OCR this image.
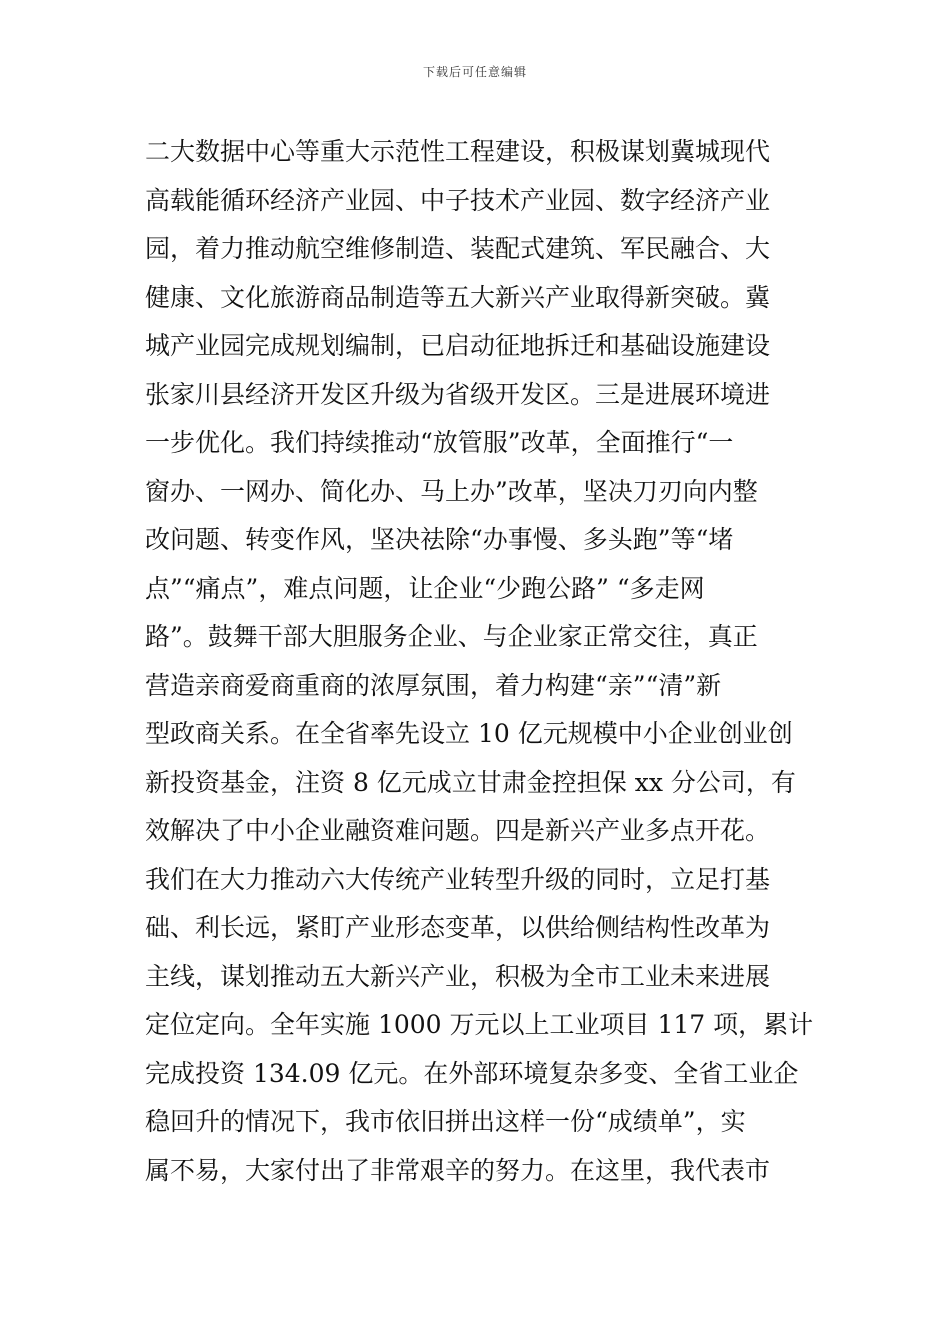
下载后可任意编辑
二大数据中心等重大示范性工程建设，积极谋划冀城现代
高载能循环经济产业园、中子技术产业园、数字经济产业
园，着力推动航空维修制造、装配式建筑、军民融合、大
健康、文化旅游商品制造等五大新兴产业取得新突破。冀
城产业园完成规划编制，已启动征地拆迁和基础设施建设
张家川县经济开发区升级为省级开发区。三是进展环境进
一步优化。我们持续推动“放管服”改革，全面推行“一
窗办、一网办、简化办、马上办”改革，坚决刀刃向内整
改问题、转变作风，坚决祛除“办事慢、多头跑”等“堵
点”“痛点”，难点问题，让企业“少跑公路” “多走网
路”。鼓舞干部大胆服务企业、与企业家正常交往，真正
营造亲商爱商重商的浓厚氛围，着力构建“亲”“清”新
型政商关系。在全省率先设立 10 亿元规模中小企业创业创
新投资基金，注资 8 亿元成立甘肃金控担保 xx 分公司，有
效解决了中小企业融资难问题。四是新兴产业多点开花。
我们在大力推动六大传统产业转型升级的同时，立足打基
础、利长远，紧盯产业形态变革，以供给侧结构性改革为
主线，谋划推动五大新兴产业，积极为全市工业未来进展
定位定向。全年实施 1000 万元以上工业项目 117 项，累计
完成投资 134.09 亿元。在外部环境复杂多变、全省工业企
稳回升的情况下，我市依旧拼出这样一份“成绩单”，实
属不易，大家付出了非常艰辛的努力。在这里，我代表市
